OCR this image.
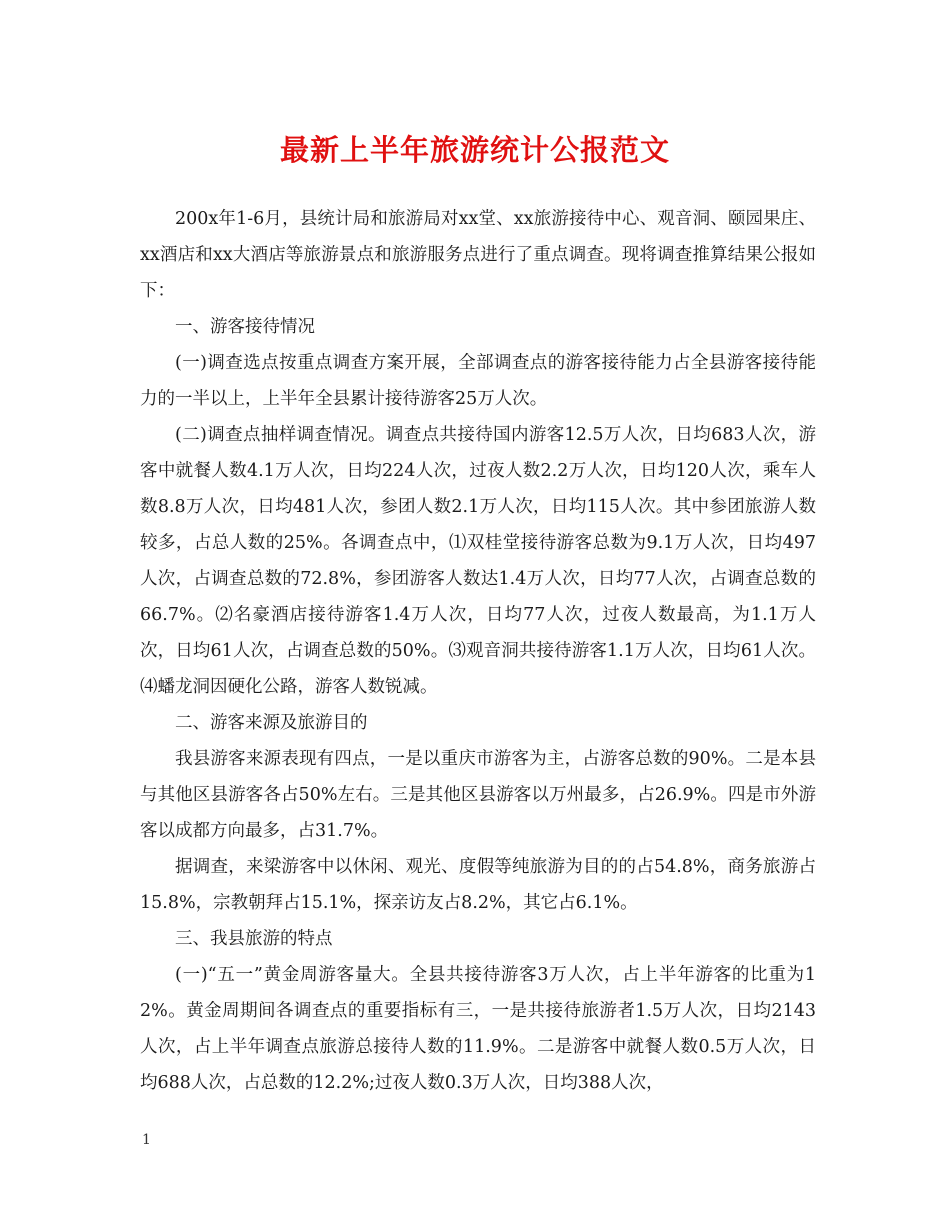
最新上半年旅游统计公报范文

200x年1-6月，县统计局和旅游局对xx堂、xx旅游接待中心、观音洞、颐园果庄、xx酒店和xx大酒店等旅游景点和旅游服务点进行了重点调查。现将调查推算结果公报如下：

一、游客接待情况

(一)调查选点按重点调查方案开展，全部调查点的游客接待能力占全县游客接待能力的一半以上，上半年全县累计接待游客25万人次。

(二)调查点抽样调查情况。调查点共接待国内游客12.5万人次，日均683人次，游客中就餐人数4.1万人次，日均224人次，过夜人数2.2万人次，日均120人次，乘车人数8.8万人次，日均481人次，参团人数2.1万人次，日均115人次。其中参团旅游人数较多，占总人数的25%。各调查点中，⑴双桂堂接待游客总数为9.1万人次，日均497人次，占调查总数的72.8%，参团游客人数达1.4万人次，日均77人次，占调查总数的66.7%。⑵名豪酒店接待游客1.4万人次，日均77人次，过夜人数最高，为1.1万人次，日均61人次，占调查总数的50%。⑶观音洞共接待游客1.1万人次，日均61人次。⑷蟠龙洞因硬化公路，游客人数锐减。

二、游客来源及旅游目的

我县游客来源表现有四点，一是以重庆市游客为主，占游客总数的90%。二是本县与其他区县游客各占50%左右。三是其他区县游客以万州最多，占26.9%。四是市外游客以成都方向最多，占31.7%。

据调查，来梁游客中以休闲、观光、度假等纯旅游为目的的占54.8%，商务旅游占15.8%，宗教朝拜占15.1%，探亲访友占8.2%，其它占6.1%。

三、我县旅游的特点

(一)“五一”黄金周游客量大。全县共接待游客3万人次，占上半年游客的比重为12%。黄金周期间各调查点的重要指标有三，一是共接待旅游者1.5万人次，日均2143人次，占上半年调查点旅游总接待人数的11.9%。二是游客中就餐人数0.5万人次，日均688人次，占总数的12.2%;过夜人数0.3万人次，日均388人次，

1
